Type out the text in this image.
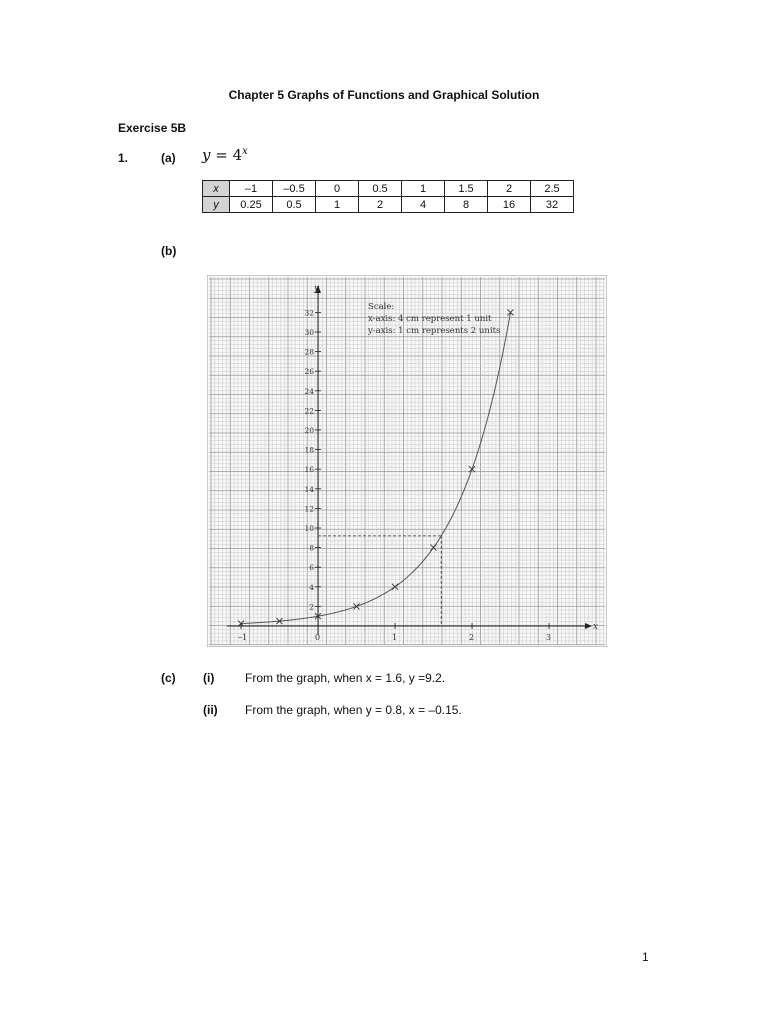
Chapter 5 Graphs of Functions and Graphical Solution
Exercise 5B
1.	(a) $y = 4^x$
x	–1	–0.5	0	0.5	1	1.5	2	2.5
y	0.25	0.5	1	2	4	8	16	32
(b)
x
y
–1	0	1	2	3
2
4
6
8
10
12
14
16
18
20
22
24
26
28
30
32
Scale:
x-axis: 4 cm represent 1 unit
y-axis: 1 cm represents 2 units
(c) (i)	From the graph, when x = 1.6, y =9.2.
(ii) From the graph, when y = 0.8, x = –0.15.
1
